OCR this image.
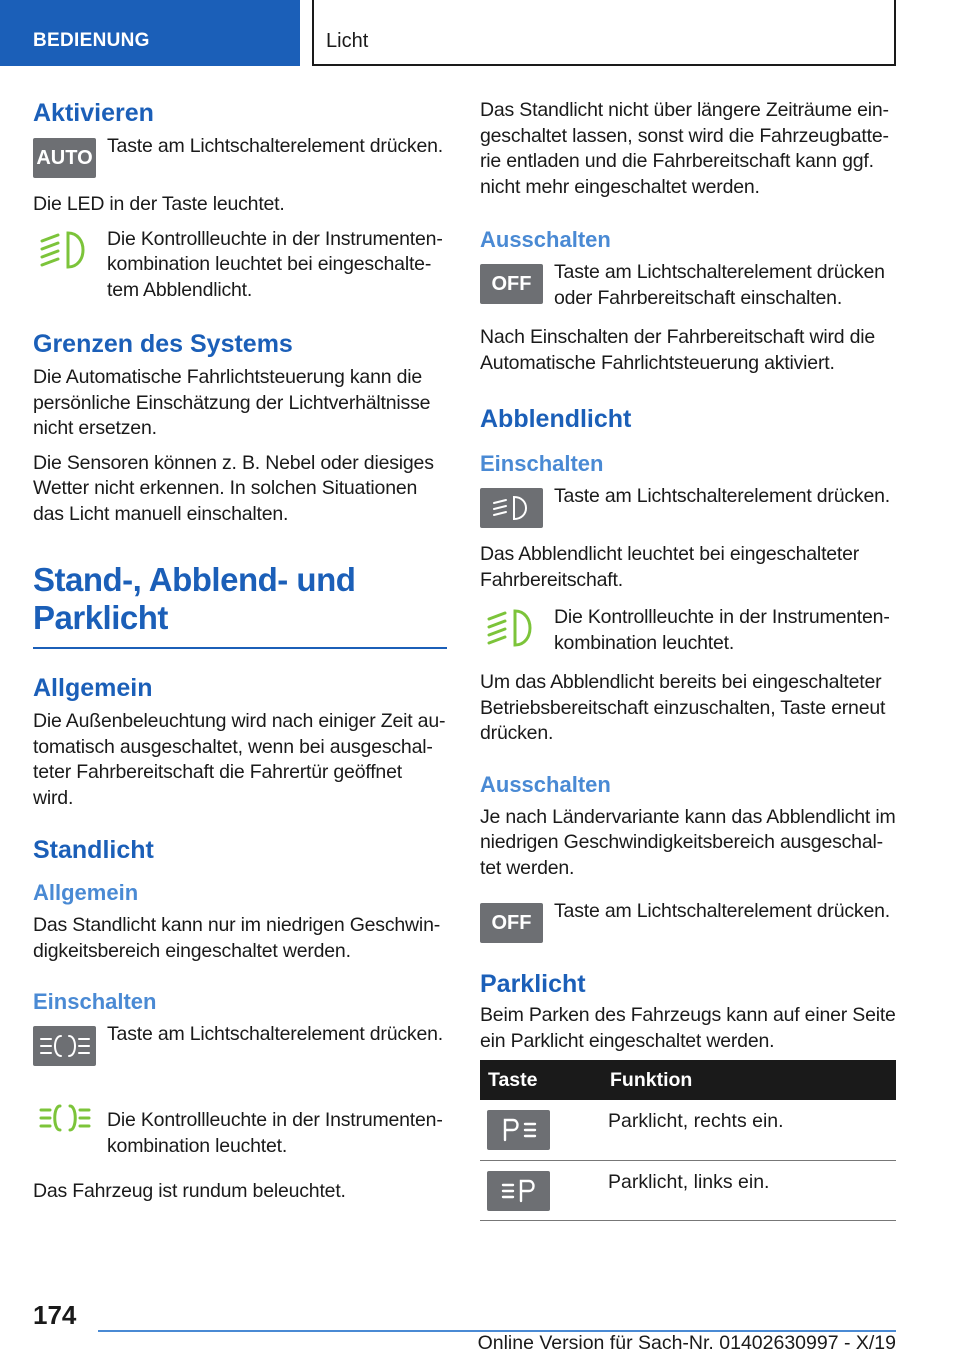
BEDIENUNG	Licht
Aktivieren
AUTO

Taste am Lichtschalterelement drücken.

Die LED in der Taste leuchtet.

Die Kontrollleuchte in der Instrumentenkombination leuchtet bei eingeschaltetem Abblendlicht.

Grenzen des Systems

Die Automatische Fahrlichtsteuerung kann die persönliche Einschätzung der Lichtverhältnisse nicht ersetzen.

Die Sensoren können z. B. Nebel oder diesiges Wetter nicht erkennen. In solchen Situationen das Licht manuell einschalten.

Stand-, Abblend- und Parklicht
Allgemein

Die Außenbeleuchtung wird nach einiger Zeit automatisch ausgeschaltet, wenn bei ausgeschalteter Fahrbereitschaft die Fahrertür geöffnet wird.

Standlicht
Allgemein

Das Standlicht kann nur im niedrigen Geschwindigkeitsbereich eingeschaltet werden.

Einschalten

Taste am Lichtschalterelement drücken.

Die Kontrollleuchte in der Instrumentenkombination leuchtet.

Das Fahrzeug ist rundum beleuchtet.

Das Standlicht nicht über längere Zeiträume eingeschaltet lassen, sonst wird die Fahrzeugbatterie entladen und die Fahrbereitschaft kann ggf. nicht mehr eingeschaltet werden.

Ausschalten
OFF

Taste am Lichtschalterelement drücken oder Fahrbereitschaft einschalten.

Nach Einschalten der Fahrbereitschaft wird die Automatische Fahrlichtsteuerung aktiviert.

Abblendlicht
Einschalten

Taste am Lichtschalterelement drücken.

Das Abblendlicht leuchtet bei eingeschalteter Fahrbereitschaft.

Die Kontrollleuchte in der Instrumentenkombination leuchtet.

Um das Abblendlicht bereits bei eingeschalteter Betriebsbereitschaft einzuschalten, Taste erneut drücken.

Ausschalten

Je nach Ländervariante kann das Abblendlicht im niedrigen Geschwindigkeitsbereich ausgeschaltet werden.

OFF

Taste am Lichtschalterelement drücken.

Parklicht

Beim Parken des Fahrzeugs kann auf einer Seite ein Parklicht eingeschaltet werden.

Taste	Funktion

	Parklicht, rechts ein.

	Parklicht, links ein.
174
Online Version für Sach-Nr. 01402630997 - X/19
